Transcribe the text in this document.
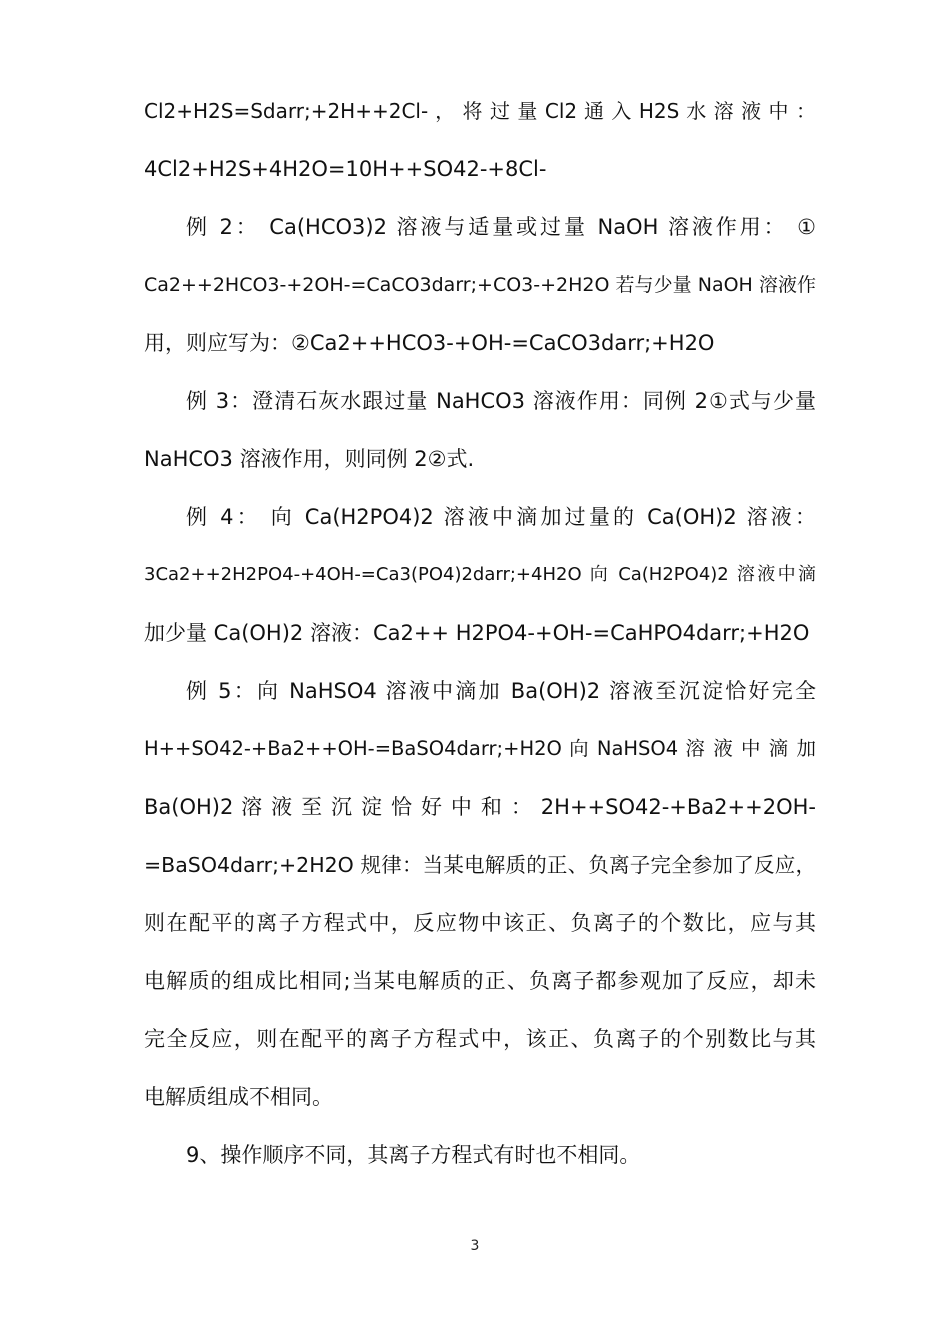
Cl2+H2S=Sdarr;+2H++2Cl- ， 将 过 量 Cl2 通 入 H2S 水 溶 液 中 ：
4Cl2+H2S+4H2O=10H++SO42-+8Cl-
例 2： Ca(HCO3)2 溶液与适量或过量 NaOH 溶液作用： ①
Ca2++2HCO3-+2OH-=CaCO3darr;+CO3-+2H2O 若与少量 NaOH 溶液作
用，则应写为：②Ca2++HCO3-+OH-=CaCO3darr;+H2O
例 3：澄清石灰水跟过量 NaHCO3 溶液作用：同例 2①式与少量
NaHCO3 溶液作用，则同例 2②式.
例 4： 向 Ca(H2PO4)2 溶液中滴加过量的 Ca(OH)2 溶液：
3Ca2++2H2PO4-+4OH-=Ca3(PO4)2darr;+4H2O 向 Ca(H2PO4)2 溶液中滴
加少量 Ca(OH)2 溶液：Ca2++ H2PO4-+OH-=CaHPO4darr;+H2O
例 5：向 NaHSO4 溶液中滴加 Ba(OH)2 溶液至沉淀恰好完全
H++SO42-+Ba2++OH-=BaSO4darr;+H2O 向 NaHSO4 溶 液 中 滴 加
Ba(OH)2 溶 液 至 沉 淀 恰 好 中 和 ： 2H++SO42-+Ba2++2OH-
=BaSO4darr;+2H2O 规律：当某电解质的正、负离子完全参加了反应，
则在配平的离子方程式中，反应物中该正、负离子的个数比，应与其
电解质的组成比相同;当某电解质的正、负离子都参观加了反应，却未
完全反应，则在配平的离子方程式中，该正、负离子的个别数比与其
电解质组成不相同。
9、操作顺序不同，其离子方程式有时也不相同。
3
